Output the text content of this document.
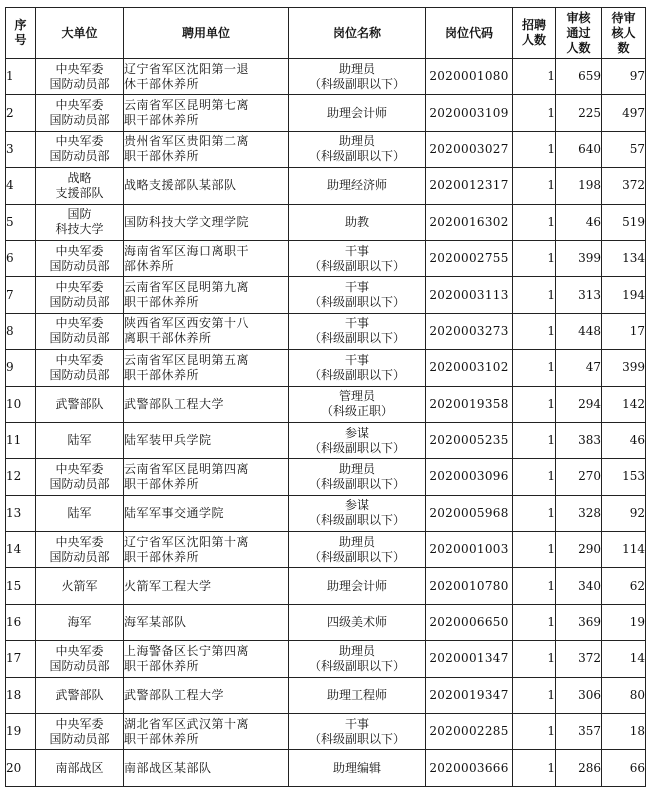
序
号	大单位	聘用单位	岗位名称	岗位代码	招聘
人数	审核
通过
人数	待审
核人
数

1	中央军委
国防动员部	辽宁省军区沈阳第一退
休干部休养所	助理员
（科级副职以下）	2020001080	1	659	97
2	中央军委
国防动员部	云南省军区昆明第七离
职干部休养所	助理会计师	2020003109	1	225	497
3	中央军委
国防动员部	贵州省军区贵阳第二离
职干部休养所	助理员
（科级副职以下）	2020003027	1	640	57
4	战略
支援部队	战略支援部队某部队	助理经济师	2020012317	1	198	372
5	国防
科技大学	国防科技大学文理学院	助教	2020016302	1	46	519
6	中央军委
国防动员部	海南省军区海口离职干
部休养所	干事
（科级副职以下）	2020002755	1	399	134
7	中央军委
国防动员部	云南省军区昆明第九离
职干部休养所	干事
（科级副职以下）	2020003113	1	313	194
8	中央军委
国防动员部	陕西省军区西安第十八
离职干部休养所	干事
（科级副职以下）	2020003273	1	448	17
9	中央军委
国防动员部	云南省军区昆明第五离
职干部休养所	干事
（科级副职以下）	2020003102	1	47	399
10	武警部队	武警部队工程大学	管理员
（科级正职）	2020019358	1	294	142
11	陆军	陆军装甲兵学院	参谋
（科级副职以下）	2020005235	1	383	46
12	中央军委
国防动员部	云南省军区昆明第四离
职干部休养所	助理员
（科级副职以下）	2020003096	1	270	153
13	陆军	陆军军事交通学院	参谋
（科级副职以下）	2020005968	1	328	92
14	中央军委
国防动员部	辽宁省军区沈阳第十离
职干部休养所	助理员
（科级副职以下）	2020001003	1	290	114
15	火箭军	火箭军工程大学	助理会计师	2020010780	1	340	62
16	海军	海军某部队	四级美术师	2020006650	1	369	19
17	中央军委
国防动员部	上海警备区长宁第四离
职干部休养所	助理员
（科级副职以下）	2020001347	1	372	14
18	武警部队	武警部队工程大学	助理工程师	2020019347	1	306	80
19	中央军委
国防动员部	湖北省军区武汉第十离
职干部休养所	干事
（科级副职以下）	2020002285	1	357	18
20	南部战区	南部战区某部队	助理编辑	2020003666	1	286	66
